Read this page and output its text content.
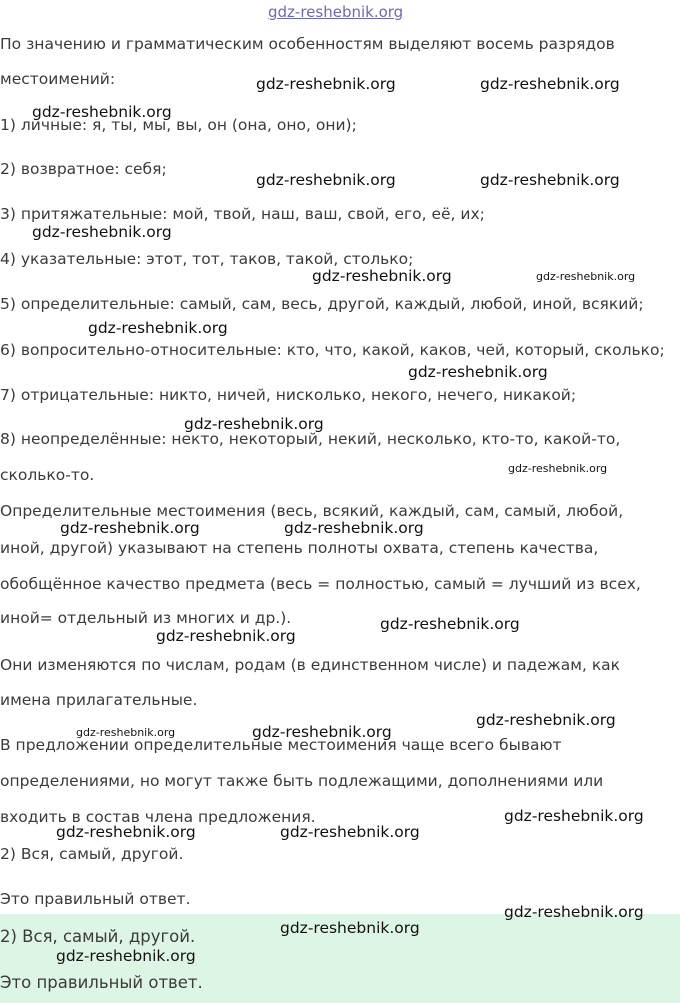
gdz-reshebnik.org
По значению и грамматическим особенностям выделяют восемь разрядов
местоимений:
1) личные: я, ты, мы, вы, он (она, оно, они);
2) возвратное: себя;
3) притяжательные: мой, твой, наш, ваш, свой, его, её, их;
4) указательные: этот, тот, таков, такой, столько;
5) определительные: самый, сам, весь, другой, каждый, любой, иной, всякий;
6) вопросительно-относительные: кто, что, какой, каков, чей, который, сколько;
7) отрицательные: никто, ничей, нисколько, некого, нечего, никакой;
8) неопределённые: некто, некоторый, некий, несколько, кто-то, какой-то,
сколько-то.
Определительные местоимения (весь, всякий, каждый, сам, самый, любой,
иной, другой) указывают на степень полноты охвата, степень качества,
обобщённое качество предмета (весь = полностью, самый = лучший из всех,
иной= отдельный из многих и др.).
Они изменяются по числам, родам (в единственном числе) и падежам, как
имена прилагательные.
В предложении определительные местоимения чаще всего бывают
определениями, но могут также быть подлежащими, дополнениями или
входить в состав члена предложения.
2) Вся, самый, другой.
Это правильный ответ.
2) Вся, самый, другой.
Это правильный ответ.
gdz-reshebnik.org	gdz-reshebnik.org
gdz-reshebnik.org
gdz-reshebnik.org	gdz-reshebnik.org
gdz-reshebnik.org
gdz-reshebnik.org	gdz-reshebnik.org
gdz-reshebnik.org
gdz-reshebnik.org
gdz-reshebnik.org
gdz-reshebnik.org
gdz-reshebnik.org	gdz-reshebnik.org
gdz-reshebnik.org
gdz-reshebnik.org
gdz-reshebnik.org
gdz-reshebnik.org	gdz-reshebnik.org
gdz-reshebnik.org
gdz-reshebnik.org	gdz-reshebnik.org
gdz-reshebnik.org
gdz-reshebnik.org
gdz-reshebnik.org
